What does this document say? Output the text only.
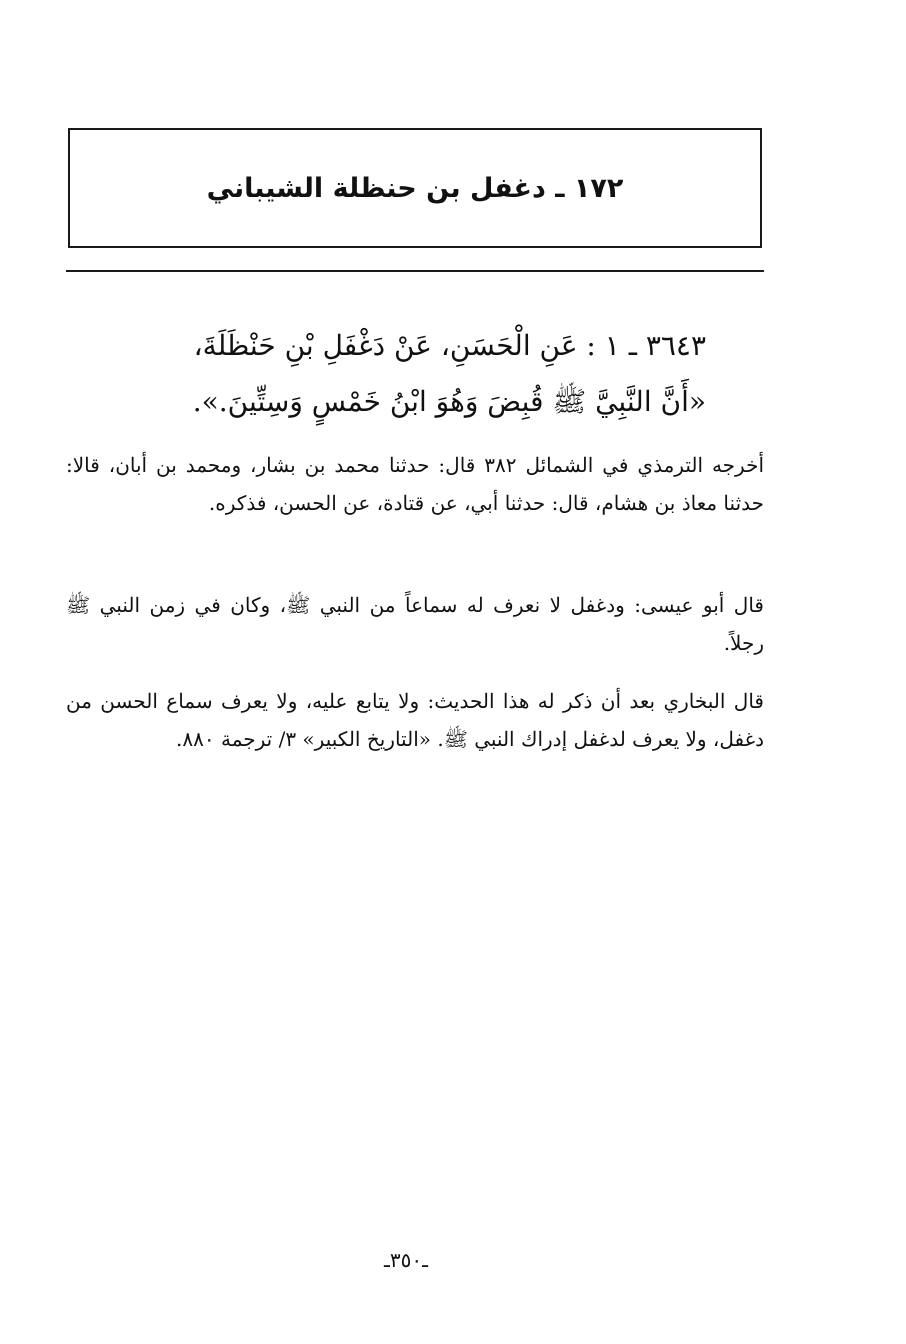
١٧٢ ـ دغفل بن حنظلة الشيباني
٣٦٤٣ ـ ١ : عَنِ الْحَسَنِ، عَنْ دَغْفَلِ بْنِ حَنْظَلَةَ،
«أَنَّ النَّبِيَّ ﷺ قُبِضَ وَهُوَ ابْنُ خَمْسٍ وَسِتِّينَ.».

أخرجه الترمذي في الشمائل ٣٨٢ قال: حدثنا محمد بن بشار، ومحمد بن أبان، قالا: حدثنا معاذ بن هشام، قال: حدثنا أبي، عن قتادة، عن الحسن، فذكره.

قال أبو عيسى: ودغفل لا نعرف له سماعاً من النبي ﷺ، وكان في زمن النبي ﷺ رجلاً.

قال البخاري بعد أن ذكر له هذا الحديث: ولا يتابع عليه، ولا يعرف سماع الحسن من دغفل، ولا يعرف لدغفل إدراك النبي ﷺ. «التاريخ الكبير» ٣/ ترجمة ٨٨٠.

ـ٣٥٠ـ
